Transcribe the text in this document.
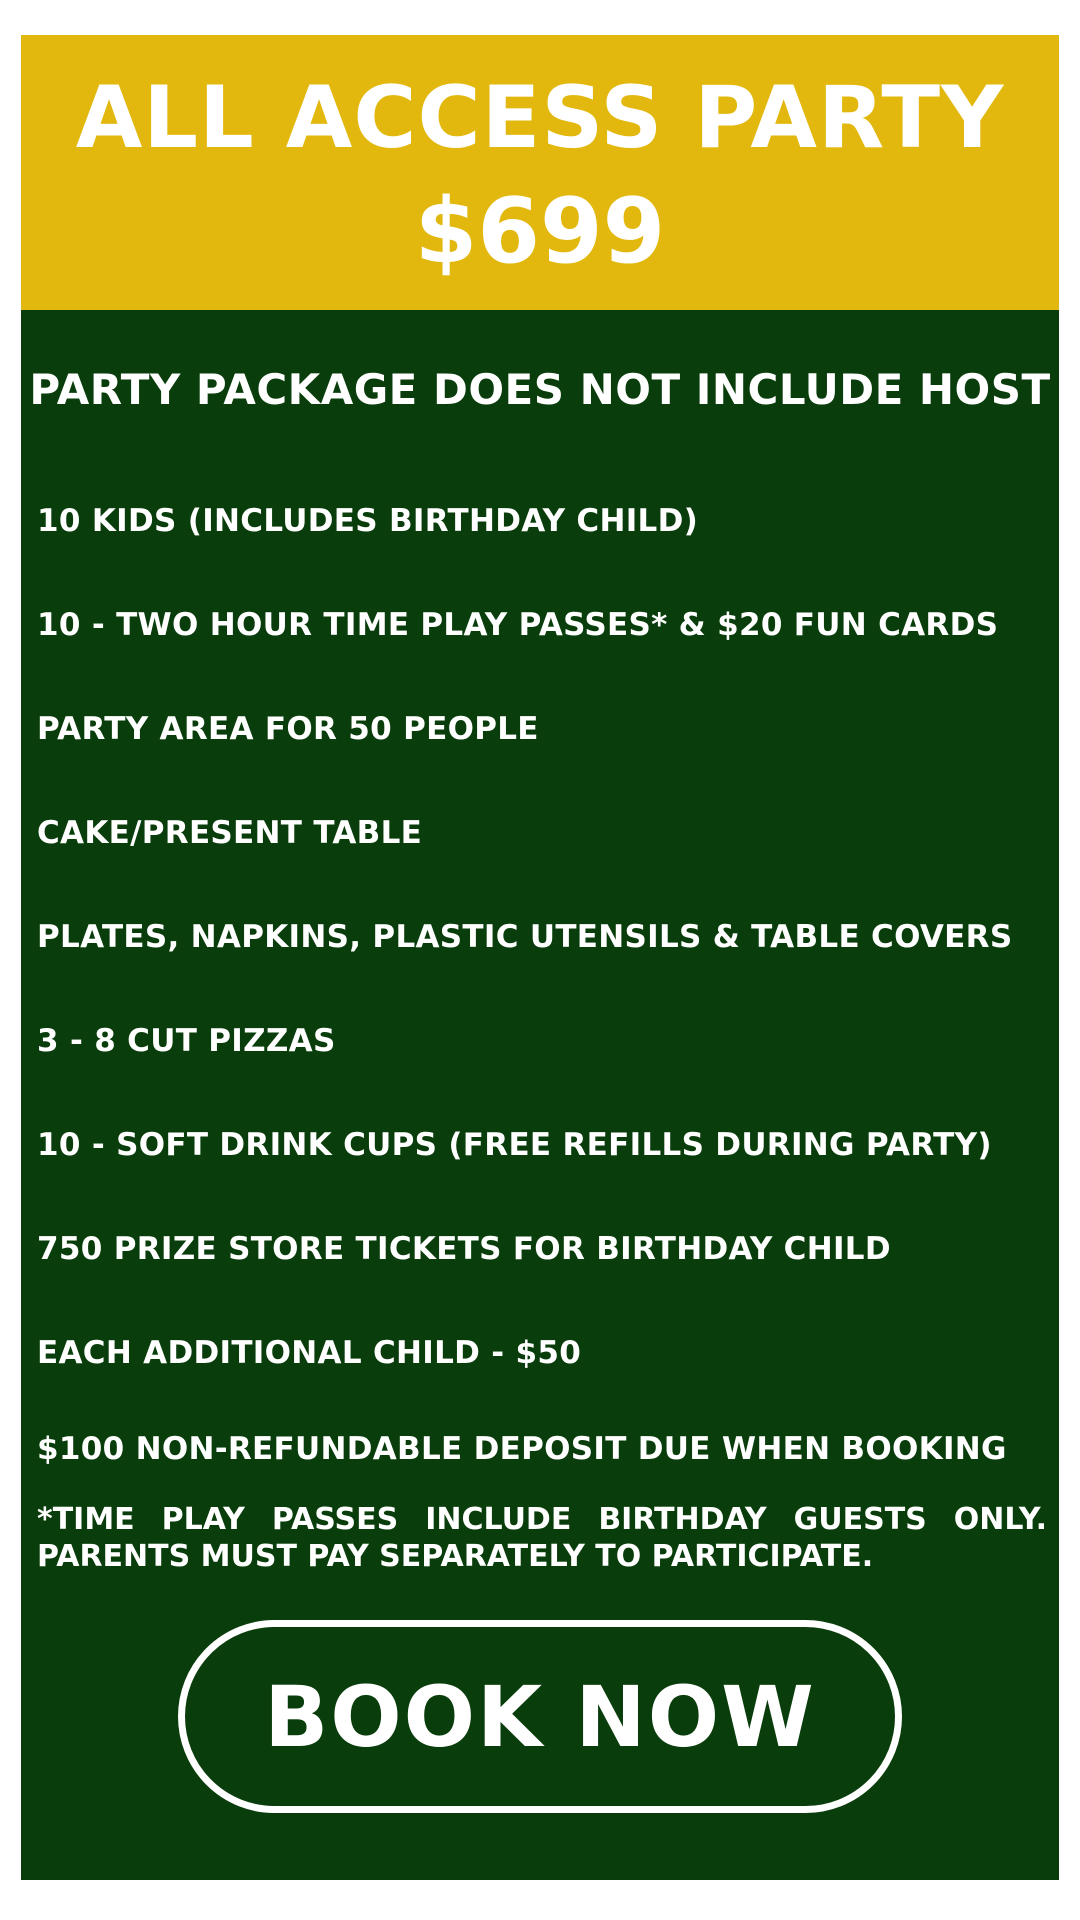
ALL ACCESS PARTY
$699
PARTY PACKAGE DOES NOT INCLUDE HOST
10 KIDS (INCLUDES BIRTHDAY CHILD)
10 - TWO HOUR TIME PLAY PASSES* & $20 FUN CARDS
PARTY AREA FOR 50 PEOPLE
CAKE/PRESENT TABLE
PLATES, NAPKINS, PLASTIC UTENSILS & TABLE COVERS
3 - 8 CUT PIZZAS
10 - SOFT DRINK CUPS (FREE REFILLS DURING PARTY)
750 PRIZE STORE TICKETS FOR BIRTHDAY CHILD
EACH ADDITIONAL CHILD - $50
$100 NON-REFUNDABLE DEPOSIT DUE WHEN BOOKING
*TIME PLAY PASSES INCLUDE BIRTHDAY GUESTS ONLY. PARENTS MUST PAY SEPARATELY TO PARTICIPATE.
BOOK NOW
